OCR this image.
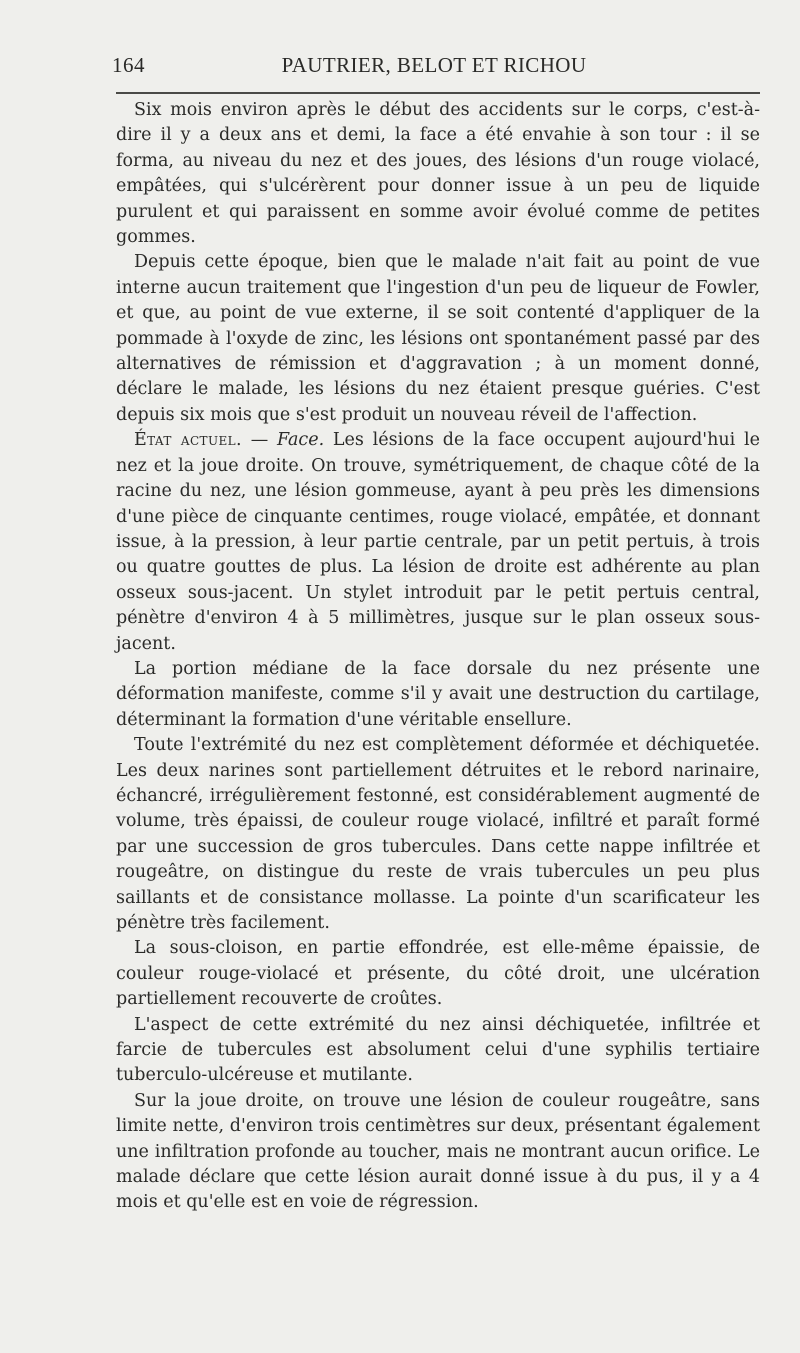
164	PAUTRIER, BELOT ET RICHOU

Six mois environ après le début des accidents sur le corps, c'est-à-dire il y a deux ans et demi, la face a été envahie à son tour : il se forma, au niveau du nez et des joues, des lésions d'un rouge violacé, empâtées, qui s'ulcérèrent pour donner issue à un peu de liquide purulent et qui paraissent en somme avoir évolué comme de petites gommes.

Depuis cette époque, bien que le malade n'ait fait au point de vue interne aucun traitement que l'ingestion d'un peu de liqueur de Fowler, et que, au point de vue externe, il se soit contenté d'appliquer de la pommade à l'oxyde de zinc, les lésions ont spontanément passé par des alternatives de rémission et d'aggravation ; à un moment donné, déclare le malade, les lésions du nez étaient presque guéries. C'est depuis six mois que s'est produit un nouveau réveil de l'affection.

État actuel. — Face. Les lésions de la face occupent aujourd'hui le nez et la joue droite. On trouve, symétriquement, de chaque côté de la racine du nez, une lésion gommeuse, ayant à peu près les dimensions d'une pièce de cinquante centimes, rouge violacé, empâtée, et donnant issue, à la pression, à leur partie centrale, par un petit pertuis, à trois ou quatre gouttes de plus. La lésion de droite est adhérente au plan osseux sous-jacent. Un stylet introduit par le petit pertuis central, pénètre d'environ 4 à 5 millimètres, jusque sur le plan osseux sous-jacent.

La portion médiane de la face dorsale du nez présente une déformation manifeste, comme s'il y avait une destruction du cartilage, déterminant la formation d'une véritable ensellure.

Toute l'extrémité du nez est complètement déformée et déchiquetée. Les deux narines sont partiellement détruites et le rebord narinaire, échancré, irrégulièrement festonné, est considérablement augmenté de volume, très épaissi, de couleur rouge violacé, infiltré et paraît formé par une succession de gros tubercules. Dans cette nappe infiltrée et rougeâtre, on distingue du reste de vrais tubercules un peu plus saillants et de consistance mollasse. La pointe d'un scarificateur les pénètre très facilement.

La sous-cloison, en partie effondrée, est elle-même épaissie, de couleur rouge-violacé et présente, du côté droit, une ulcération partiellement recouverte de croûtes.

L'aspect de cette extrémité du nez ainsi déchiquetée, infiltrée et farcie de tubercules est absolument celui d'une syphilis tertiaire tuberculo-ulcéreuse et mutilante.

Sur la joue droite, on trouve une lésion de couleur rougeâtre, sans limite nette, d'environ trois centimètres sur deux, présentant également une infiltration profonde au toucher, mais ne montrant aucun orifice. Le malade déclare que cette lésion aurait donné issue à du pus, il y a 4 mois et qu'elle est en voie de régression.
